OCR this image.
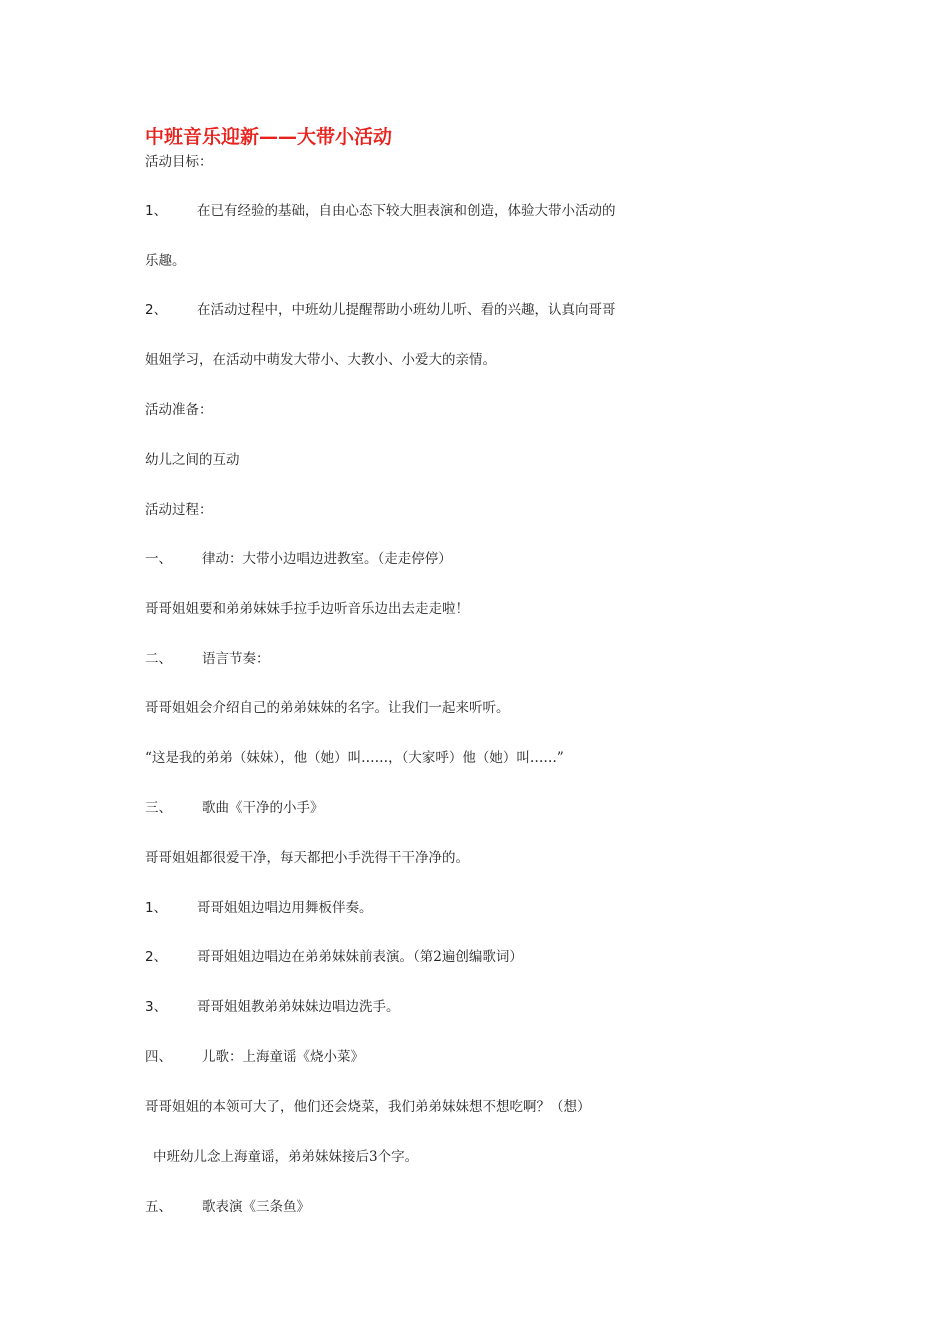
中班音乐迎新——大带小活动
活动目标：
1、 在已有经验的基础，自由心态下较大胆表演和创造，体验大带小活动的
乐趣。
2、 在活动过程中，中班幼儿提醒帮助小班幼儿听、看的兴趣，认真向哥哥
姐姐学习，在活动中萌发大带小、大教小、小爱大的亲情。
活动准备：
幼儿之间的互动
活动过程：
一、 律动：大带小边唱边进教室。（走走停停）
哥哥姐姐要和弟弟妹妹手拉手边听音乐边出去走走啦！
二、 语言节奏：
哥哥姐姐会介绍自己的弟弟妹妹的名字。让我们一起来听听。
“这是我的弟弟（妹妹），他（她）叫……，（大家呼）他（她）叫……”
三、 歌曲《干净的小手》
哥哥姐姐都很爱干净，每天都把小手洗得干干净净的。
1、 哥哥姐姐边唱边用舞板伴奏。
2、 哥哥姐姐边唱边在弟弟妹妹前表演。（第2遍创编歌词）
3、 哥哥姐姐教弟弟妹妹边唱边洗手。
四、 儿歌：上海童谣《烧小菜》
哥哥姐姐的本领可大了，他们还会烧菜，我们弟弟妹妹想不想吃啊？（想）
中班幼儿念上海童谣，弟弟妹妹接后3个字。
五、 歌表演《三条鱼》
